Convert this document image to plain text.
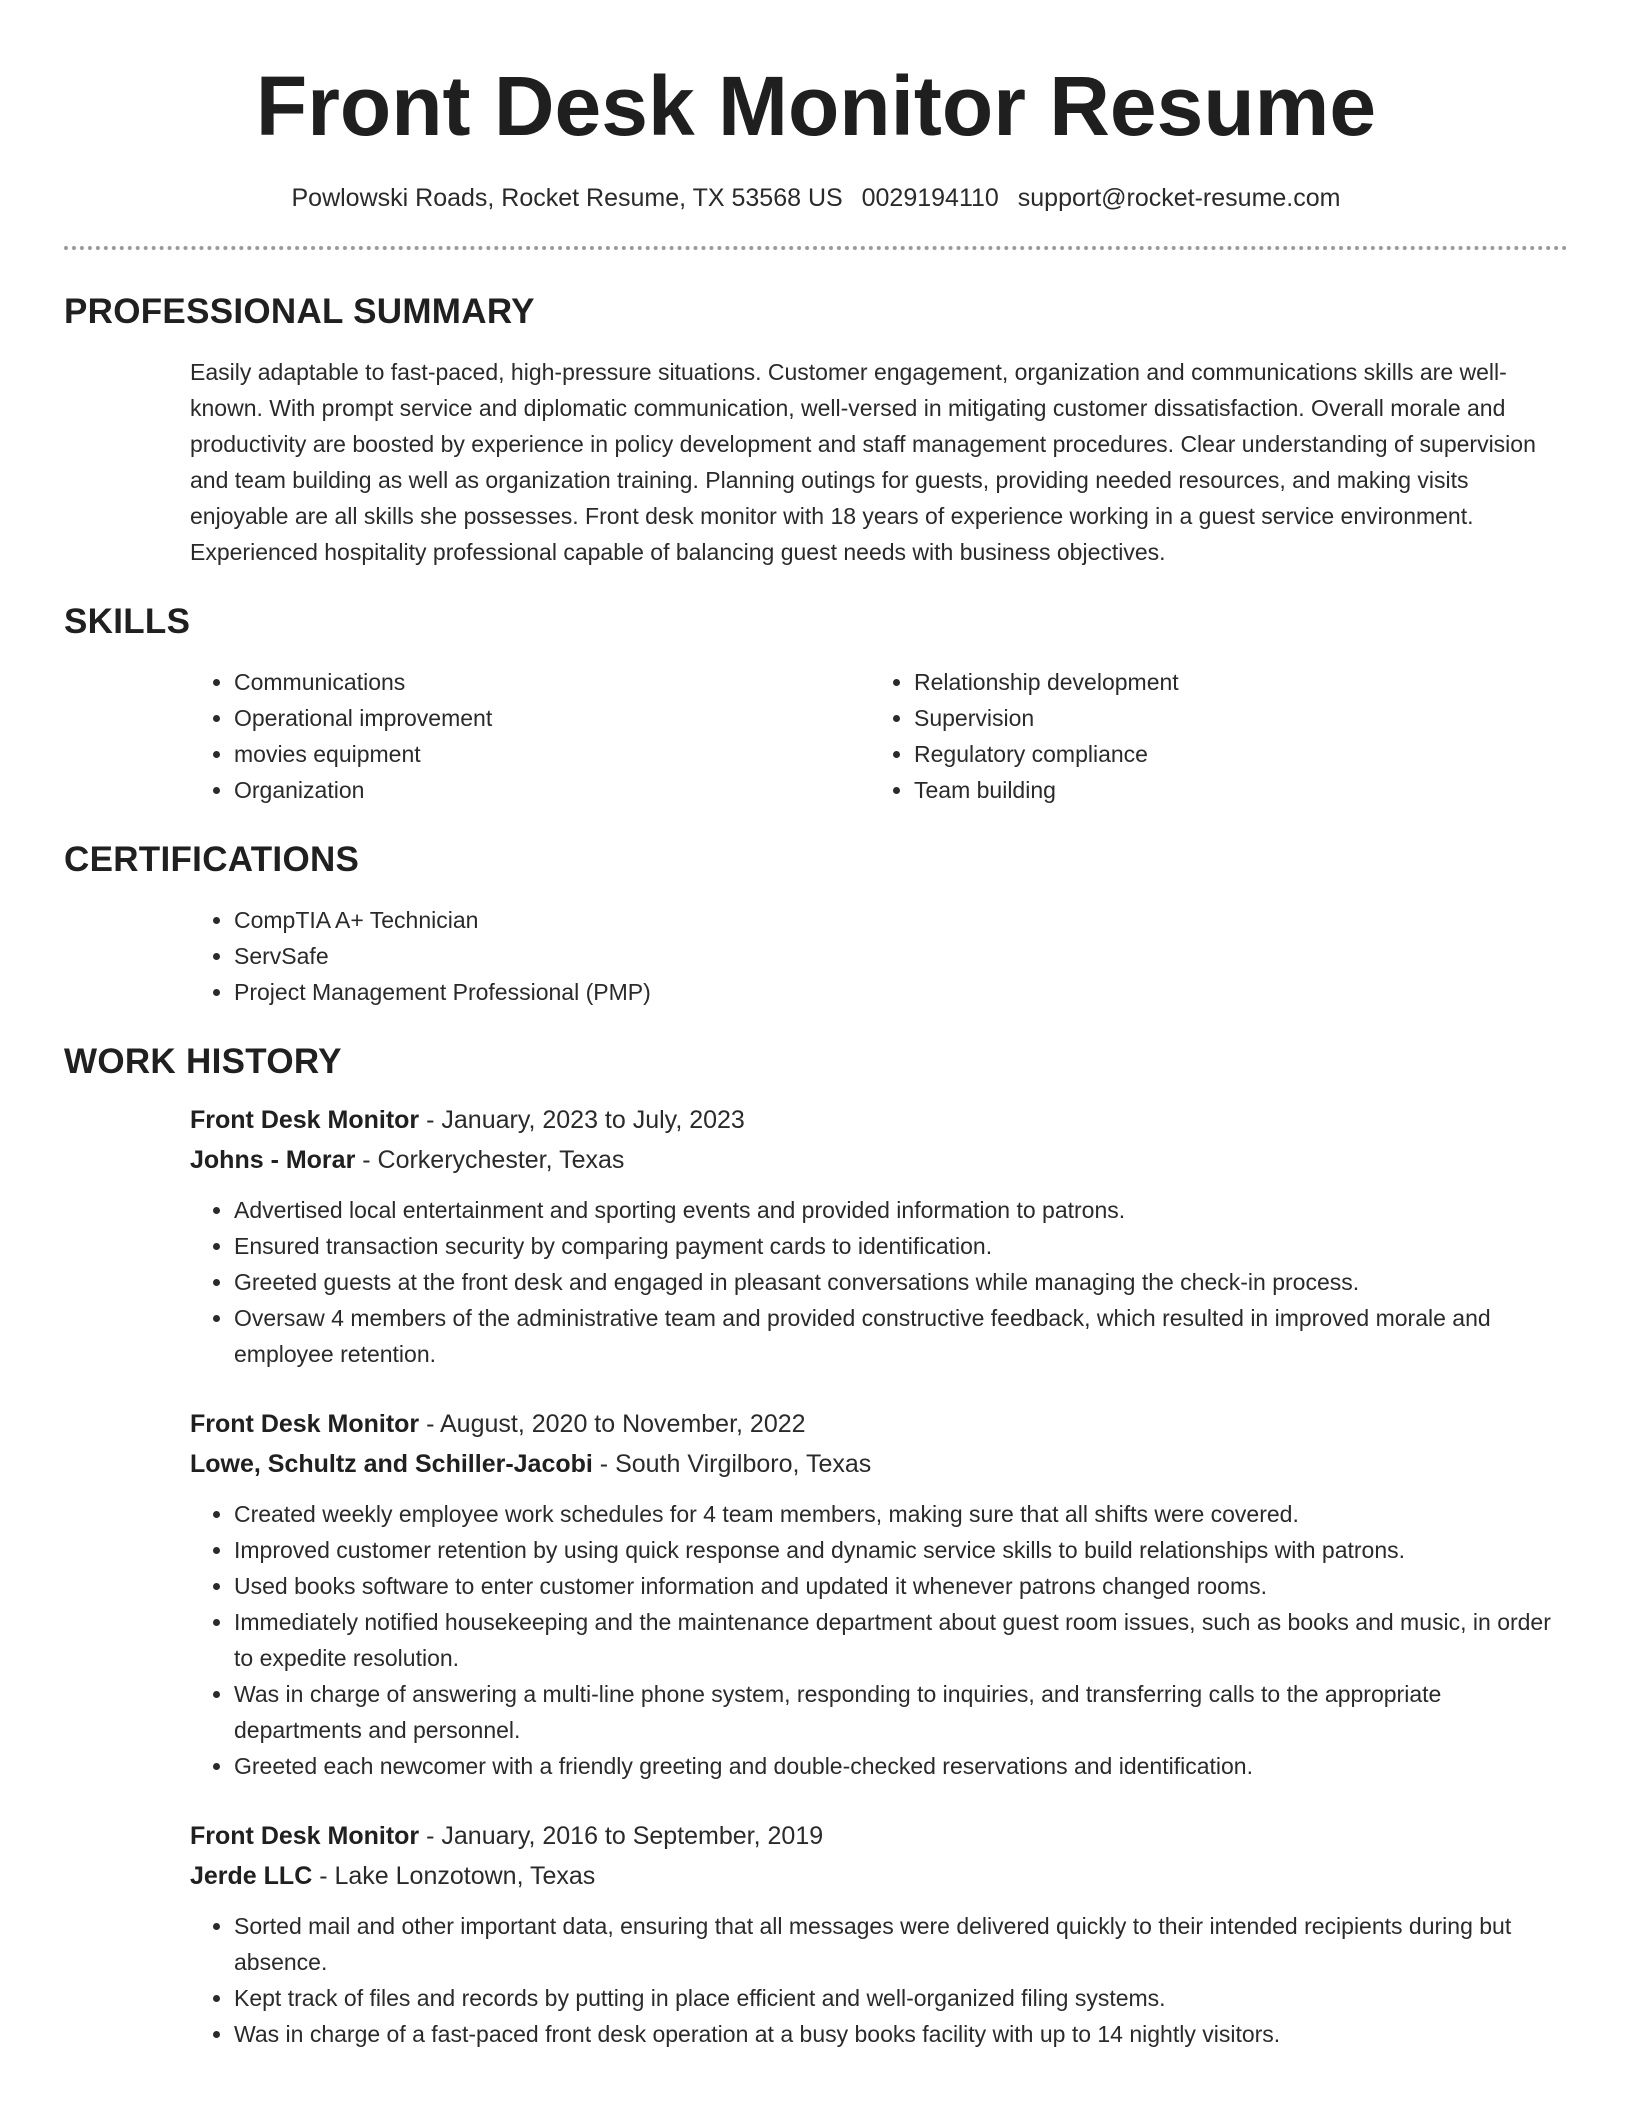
Front Desk Monitor Resume
Powlowski Roads, Rocket Resume, TX 53568 US 0029194110 support@rocket-resume.com
PROFESSIONAL SUMMARY

Easily adaptable to fast-paced, high-pressure situations. Customer engagement, organization and communications skills are well-known. With prompt service and diplomatic communication, well-versed in mitigating customer dissatisfaction. Overall morale and productivity are boosted by experience in policy development and staff management procedures. Clear understanding of supervision and team building as well as organization training. Planning outings for guests, providing needed resources, and making visits enjoyable are all skills she possesses. Front desk monitor with 18 years of experience working in a guest service environment. Experienced hospitality professional capable of balancing guest needs with business objectives.

SKILLS
• Communications
• Operational improvement
• movies equipment
• Organization
• Relationship development
• Supervision
• Regulatory compliance
• Team building
CERTIFICATIONS
• CompTIA A+ Technician
• ServSafe
• Project Management Professional (PMP)
WORK HISTORY
Front Desk Monitor - January, 2023 to July, 2023
Johns - Morar - Corkerychester, Texas
• Advertised local entertainment and sporting events and provided information to patrons.
• Ensured transaction security by comparing payment cards to identification.
• Greeted guests at the front desk and engaged in pleasant conversations while managing the check-in process.
• Oversaw 4 members of the administrative team and provided constructive feedback, which resulted in improved morale and employee retention.
Front Desk Monitor - August, 2020 to November, 2022
Lowe, Schultz and Schiller-Jacobi - South Virgilboro, Texas
• Created weekly employee work schedules for 4 team members, making sure that all shifts were covered.
• Improved customer retention by using quick response and dynamic service skills to build relationships with patrons.
• Used books software to enter customer information and updated it whenever patrons changed rooms.
• Immediately notified housekeeping and the maintenance department about guest room issues, such as books and music, in order to expedite resolution.
• Was in charge of answering a multi-line phone system, responding to inquiries, and transferring calls to the appropriate departments and personnel.
• Greeted each newcomer with a friendly greeting and double-checked reservations and identification.
Front Desk Monitor - January, 2016 to September, 2019
Jerde LLC - Lake Lonzotown, Texas
• Sorted mail and other important data, ensuring that all messages were delivered quickly to their intended recipients during but absence.
• Kept track of files and records by putting in place efficient and well-organized filing systems.
• Was in charge of a fast-paced front desk operation at a busy books facility with up to 14 nightly visitors.
